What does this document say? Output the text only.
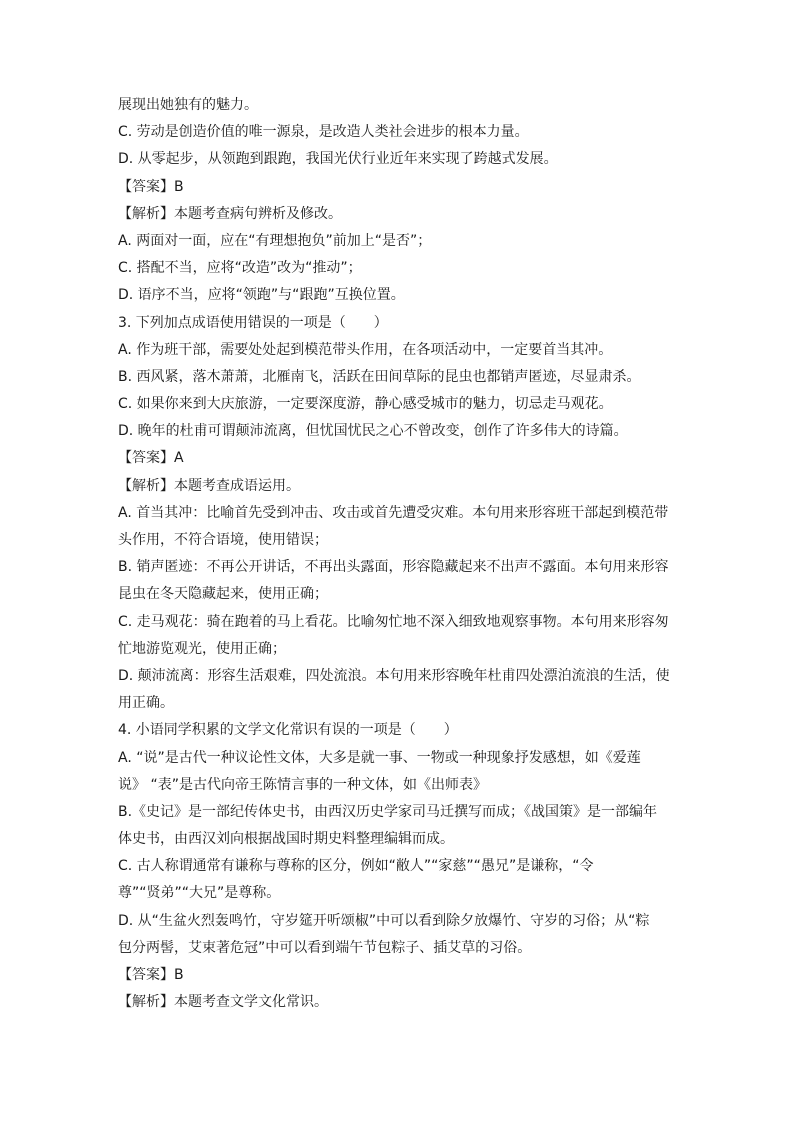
展现出她独有的魅力。
C. 劳动是创造价值的唯一源泉，是改造人类社会进步的根本力量。
D. 从零起步，从领跑到跟跑，我国光伏行业近年来实现了跨越式发展。
【答案】B
【解析】本题考查病句辨析及修改。
A. 两面对一面，应在“有理想抱负”前加上“是否”；
C. 搭配不当，应将“改造”改为“推动”；
D. 语序不当，应将“领跑”与“跟跑”互换位置。
3. 下列加点成语使用错误的一项是（　　）
A. 作为班干部，需要处处起到模范带头作用，在各项活动中，一定要首当其冲。
B. 西风紧，落木萧萧，北雁南飞，活跃在田间草际的昆虫也都销声匿迹，尽显肃杀。
C. 如果你来到大庆旅游，一定要深度游，静心感受城市的魅力，切忌走马观花。
D. 晚年的杜甫可谓颠沛流离，但忧国忧民之心不曾改变，创作了许多伟大的诗篇。
【答案】A
【解析】本题考查成语运用。
A. 首当其冲：比喻首先受到冲击、攻击或首先遭受灾难。本句用来形容班干部起到模范带
头作用，不符合语境，使用错误；
B. 销声匿迹：不再公开讲话，不再出头露面，形容隐藏起来不出声不露面。本句用来形容
昆虫在冬天隐藏起来，使用正确；
C. 走马观花：骑在跑着的马上看花。比喻匆忙地不深入细致地观察事物。本句用来形容匆
忙地游览观光，使用正确；
D. 颠沛流离：形容生活艰难，四处流浪。本句用来形容晚年杜甫四处漂泊流浪的生活，使
用正确。
4. 小语同学积累的文学文化常识有误的一项是（　　）
A. “说”是古代一种议论性文体，大多是就一事、一物或一种现象抒发感想，如《爱莲
说》 “表”是古代向帝王陈情言事的一种文体，如《出师表》
B.《史记》是一部纪传体史书，由西汉历史学家司马迁撰写而成；《战国策》是一部编年
体史书，由西汉刘向根据战国时期史料整理编辑而成。
C. 古人称谓通常有谦称与尊称的区分，例如“敝人”“家慈”“愚兄”是谦称，“令
尊”“贤弟”“大兄”是尊称。
D. 从“生盆火烈轰鸣竹，守岁筵开听颂椒”中可以看到除夕放爆竹、守岁的习俗；从“粽
包分两髻，艾束著危冠”中可以看到端午节包粽子、插艾草的习俗。
【答案】B
【解析】本题考查文学文化常识。
